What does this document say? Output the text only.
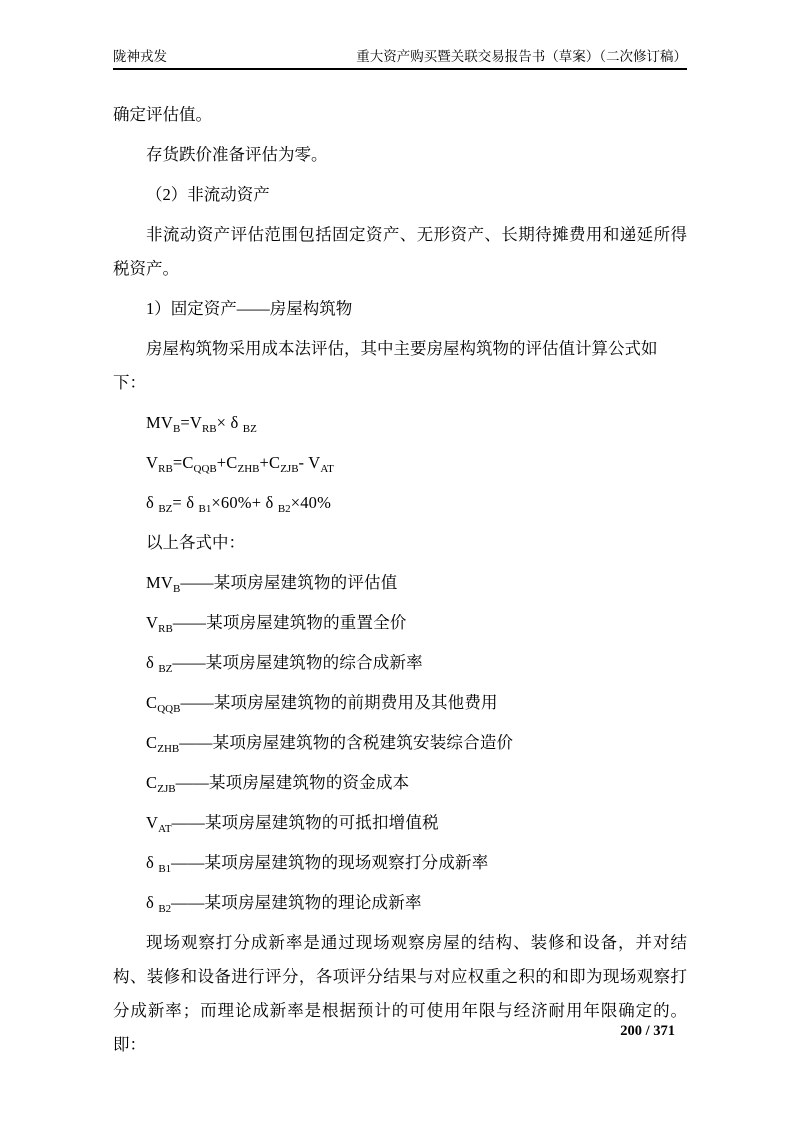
陇神戎发	重大资产购买暨关联交易报告书（草案）（二次修订稿）

确定评估值。

存货跌价准备评估为零。

（2）非流动资产

非流动资产评估范围包括固定资产、无形资产、长期待摊费用和递延所得税资产。

1）固定资产——房屋构筑物

房屋构筑物采用成本法评估，其中主要房屋构筑物的评估值计算公式如下：

$MV_B=V_{RB}\times \delta$ $_{BZ}$

$V_{RB}=C_{QQB}+C_{ZHB}+C_{ZJB}-$ $V_{AT}$

δ $_{BZ}$= δ $_{B1}$×60%+ δ $_{B2}$×40%

以上各式中：

$MV_B——$某项房屋建筑物的评估值

$V_{RB}——$某项房屋建筑物的重置全价

δ $_{BZ}$——某项房屋建筑物的综合成新率

$C_{QQB}——$某项房屋建筑物的前期费用及其他费用

$C_{ZHB}——$某项房屋建筑物的含税建筑安装综合造价

$C_{ZJB}——$某项房屋建筑物的资金成本

$V_{AT}——$某项房屋建筑物的可抵扣增值税

δ $_{B1}$——某项房屋建筑物的现场观察打分成新率

δ $_{B2}$——某项房屋建筑物的理论成新率

现场观察打分成新率是通过现场观察房屋的结构、装修和设备，并对结构、装修和设备进行评分，各项评分结果与对应权重之积的和即为现场观察打分成新率；而理论成新率是根据预计的可使用年限与经济耐用年限确定的。即：

200 / 371
